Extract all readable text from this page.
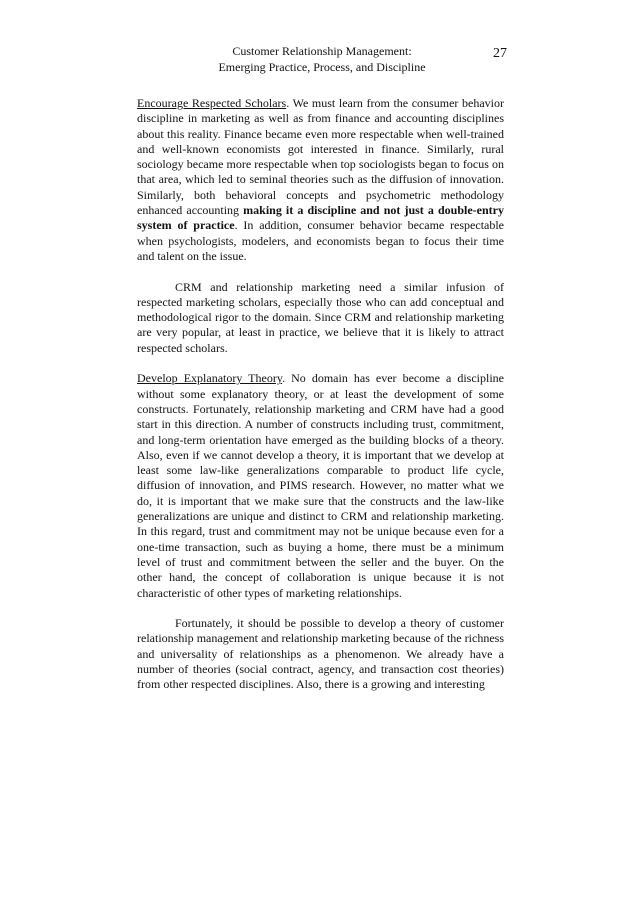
Customer Relationship Management:
Emerging Practice, Process, and Discipline
27

Encourage Respected Scholars. We must learn from the consumer behavior discipline in marketing as well as from finance and accounting disciplines about this reality. Finance became even more respectable when well-trained and well-known economists got interested in finance. Similarly, rural sociology became more respectable when top sociologists began to focus on that area, which led to seminal theories such as the diffusion of innovation. Similarly, both behavioral concepts and psychometric methodology enhanced accounting making it a discipline and not just a double-entry system of practice. In addition, consumer behavior became respectable when psychologists, modelers, and economists began to focus their time and talent on the issue.

CRM and relationship marketing need a similar infusion of respected marketing scholars, especially those who can add conceptual and methodological rigor to the domain. Since CRM and relationship marketing are very popular, at least in practice, we believe that it is likely to attract respected scholars.

Develop Explanatory Theory. No domain has ever become a discipline without some explanatory theory, or at least the development of some constructs. Fortunately, relationship marketing and CRM have had a good start in this direction. A number of constructs including trust, commitment, and long-term orientation have emerged as the building blocks of a theory. Also, even if we cannot develop a theory, it is important that we develop at least some law-like generalizations comparable to product life cycle, diffusion of innovation, and PIMS research. However, no matter what we do, it is important that we make sure that the constructs and the law-like generalizations are unique and distinct to CRM and relationship marketing. In this regard, trust and commitment may not be unique because even for a one-time transaction, such as buying a home, there must be a minimum level of trust and commitment between the seller and the buyer. On the other hand, the concept of collaboration is unique because it is not characteristic of other types of marketing relationships.

Fortunately, it should be possible to develop a theory of customer relationship management and relationship marketing because of the richness and universality of relationships as a phenomenon. We already have a number of theories (social contract, agency, and transaction cost theories) from other respected disciplines. Also, there is a growing and interesting
